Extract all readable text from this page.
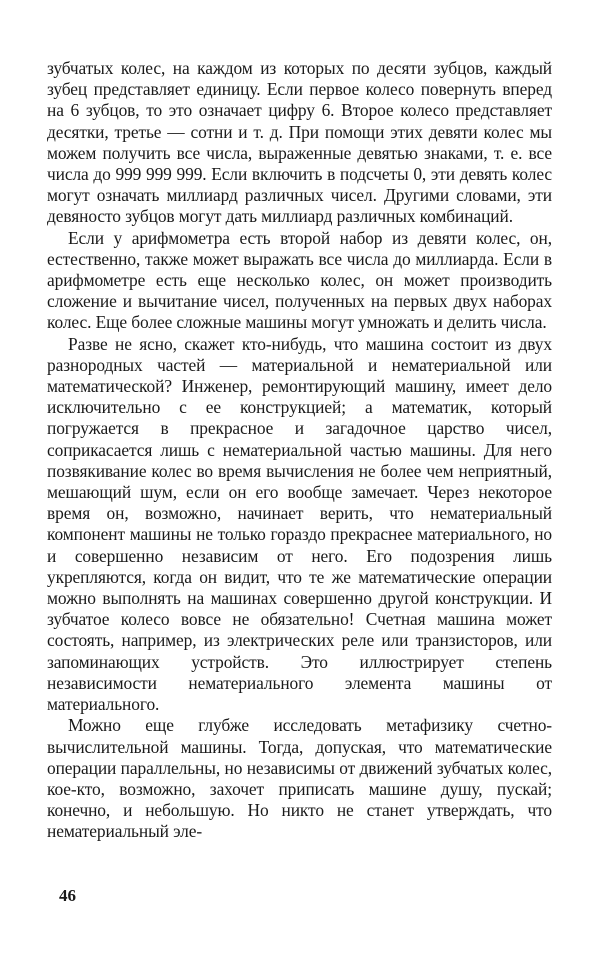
зубчатых колес, на каждом из которых по десяти зубцов, каждый зубец представляет единицу. Если первое колесо повернуть вперед на 6 зубцов, то это означает цифру 6. Второе колесо представляет десятки, третье — сотни и т. д. При помощи этих девяти колес мы можем получить все числа, выраженные девятью знаками, т. е. все числа до 999 999 999. Если включить в подсчеты 0, эти девять колес могут означать миллиард различных чисел. Другими словами, эти девяносто зубцов могут дать миллиард различных комбинаций.

Если у арифмометра есть второй набор из девяти колес, он, естественно, также может выражать все числа до миллиарда. Если в арифмометре есть еще несколько колес, он может производить сложение и вычитание чисел, полученных на первых двух наборах колес. Еще более сложные машины могут умножать и делить числа.

Разве не ясно, скажет кто-нибудь, что машина состоит из двух разнородных частей — материальной и нематериальной или математической? Инженер, ремонтирующий машину, имеет дело исключительно с ее конструкцией; а математик, который погружается в прекрасное и загадочное царство чисел, соприкасается лишь с нематериальной частью машины. Для него позвякивание колес во время вычисления не более чем неприятный, мешающий шум, если он его вообще замечает. Через некоторое время он, возможно, начинает верить, что нематериальный компонент машины не только гораздо прекраснее материального, но и совершенно независим от него. Его подозрения лишь укрепляются, когда он видит, что те же математические операции можно выполнять на машинах совершенно другой конструкции. И зубчатое колесо вовсе не обязательно! Счетная машина может состоять, например, из электрических реле или транзисторов, или запоминающих устройств. Это иллюстрирует степень независимости нематериального элемента машины от материального.

Можно еще глубже исследовать метафизику счетно-вычислительной машины. Тогда, допуская, что математические операции параллельны, но независимы от движений зубчатых колес, кое-кто, возможно, захочет приписать машине душу, пускай; конечно, и небольшую. Но никто не станет утверждать, что нематериальный эле-

46
